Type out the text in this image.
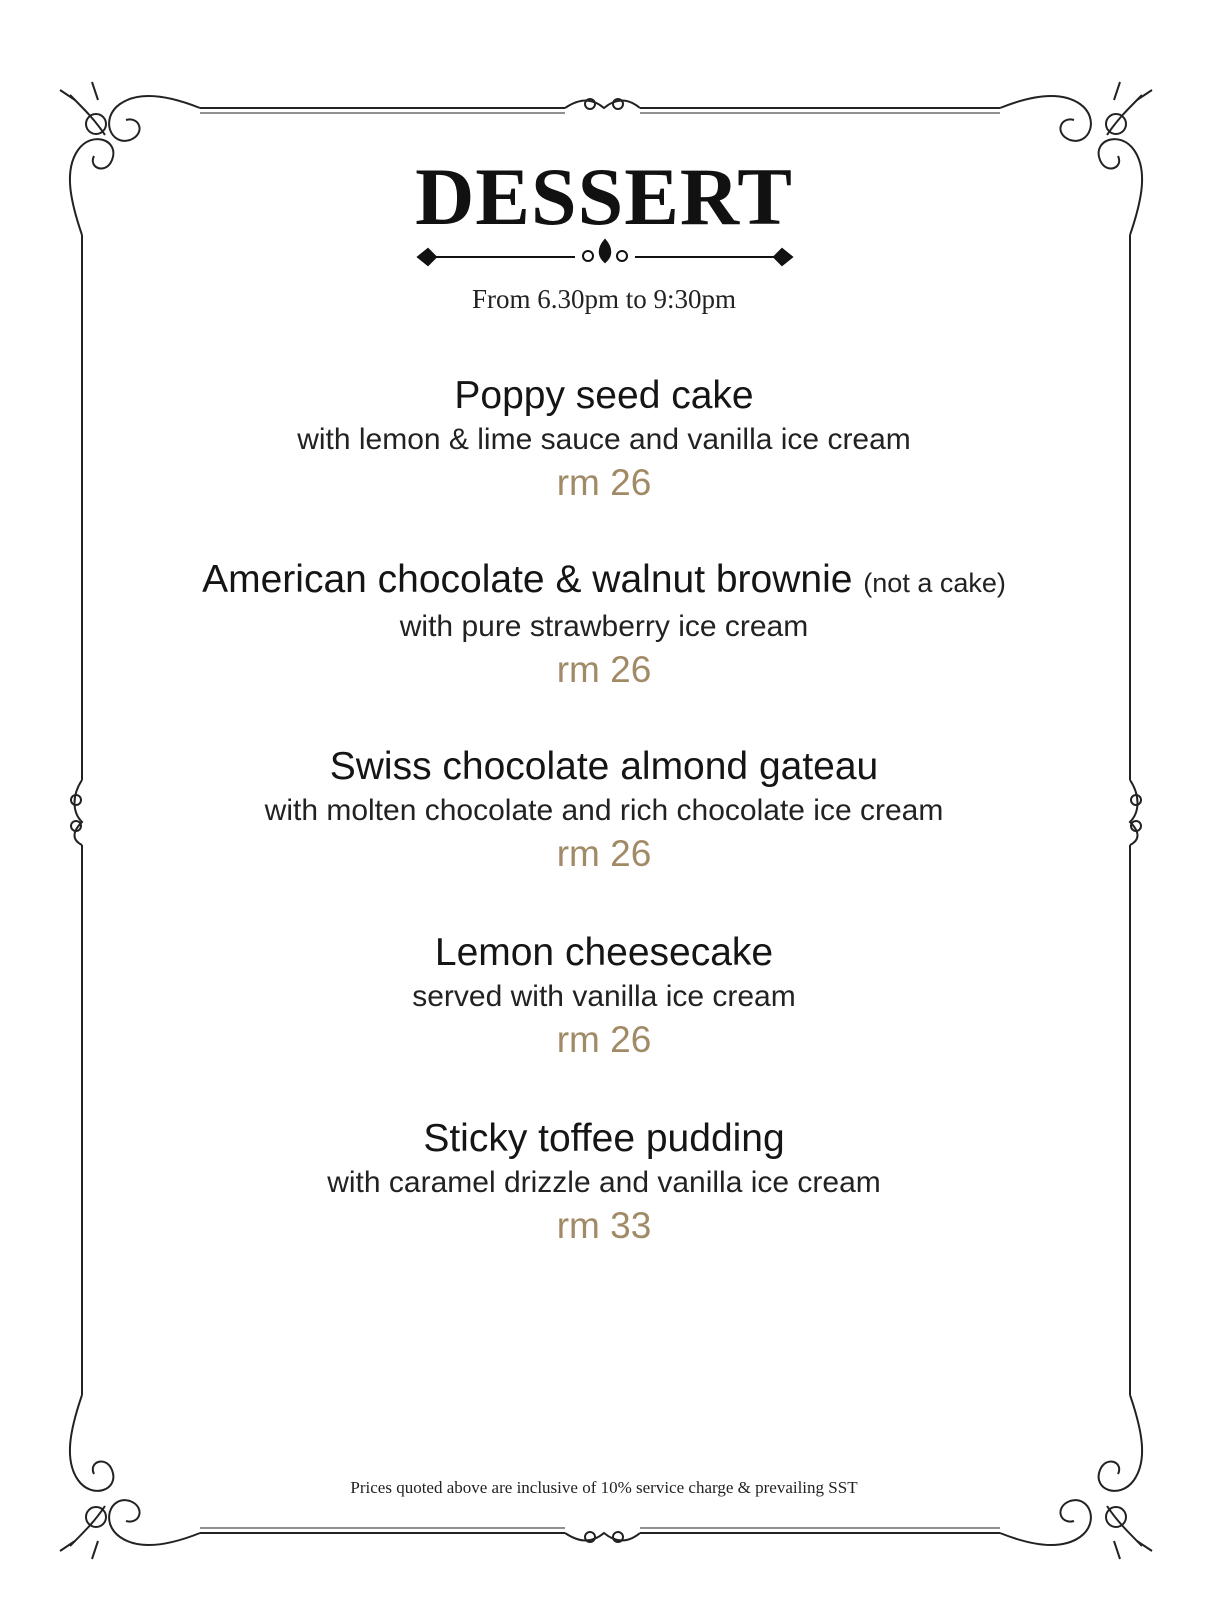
DESSERT
From 6.30pm to 9:30pm
Poppy seed cake
with lemon & lime sauce and vanilla ice cream
rm 26
American chocolate & walnut brownie (not a cake)
with pure strawberry ice cream
rm 26
Swiss chocolate almond gateau
with molten chocolate and rich chocolate ice cream
rm 26
Lemon cheesecake
served with vanilla ice cream
rm 26
Sticky toffee pudding
with caramel drizzle and vanilla ice cream
rm 33
Prices quoted above are inclusive of 10% service charge & prevailing SST
